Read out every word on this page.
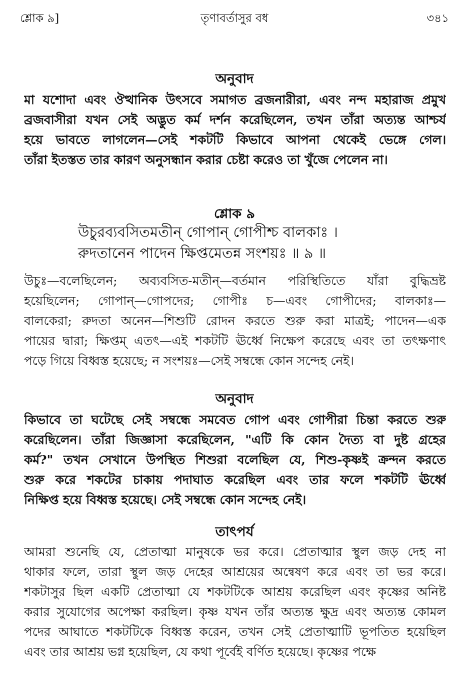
শ্লোক ৯]	তৃণাবর্তাসুর বধ	৩৪১
অনুবাদ
মা যশোদা এবং ঔত্থানিক উৎসবে সমাগত ব্রজনারীরা, এবং নন্দ মহারাজ প্রমুখ
ব্রজবাসীরা যখন সেই অদ্ভুত কর্ম দর্শন করেছিলেন, তখন তাঁরা অত্যন্ত আশ্চর্য
হয়ে ভাবতে লাগলেন—সেই শকটটি কিভাবে আপনা থেকেই ভেঙ্গে গেল।
তাঁরা ইতস্তত তার কারণ অনুসন্ধান করার চেষ্টা করেও তা খুঁজে পেলেন না।
শ্লোক ৯
উচুরব্যবসিতমতীন্ গোপান্ গোপীশ্চ বালকাঃ ।
রুদতানেন পাদেন ক্ষিপ্তমেতন্ন সংশয়ঃ ॥ ৯ ॥
উচুঃ—বলেছিলেন; অব্যবসিত-মতীন্—বর্তমান পরিস্থিতিতে যাঁরা বুদ্ধিভ্রষ্ট
হয়েছিলেন; গোপান্—গোপদের; গোপীঃ চ—এবং গোপীদের; বালকাঃ—
বালকেরা; রুদতা অনেন—শিশুটি রোদন করতে শুরু করা মাত্রই; পাদেন—এক
পায়ের দ্বারা; ক্ষিপ্তম্ এতৎ—এই শকটটি ঊর্ধ্বে নিক্ষেপ করেছে এবং তা তৎক্ষণাৎ
পড়ে গিয়ে বিধ্বস্ত হয়েছে; ন সংশয়ঃ—সেই সম্বন্ধে কোন সন্দেহ নেই।
অনুবাদ
কিভাবে তা ঘটেছে সেই সম্বন্ধে সমবেত গোপ এবং গোপীরা চিন্তা করতে শুরু
করেছিলেন। তাঁরা জিজ্ঞাসা করেছিলেন, "এটি কি কোন দৈত্য বা দুষ্ট গ্রহের
কর্ম?" তখন সেখানে উপস্থিত শিশুরা বলেছিল যে, শিশু-কৃষ্ণই ক্রন্দন করতে
শুরু করে শকটের চাকায় পদাঘাত করেছিল এবং তার ফলে শকটটি ঊর্ধ্বে
নিক্ষিপ্ত হয়ে বিধ্বস্ত হয়েছে। সেই সম্বন্ধে কোন সন্দেহ নেই।
তাৎপর্য
আমরা শুনেছি যে, প্রেতাত্মা মানুষকে ভর করে। প্রেতাত্মার স্থুল জড় দেহ না
থাকার ফলে, তারা স্থুল জড় দেহের আশ্রয়ের অন্বেষণ করে এবং তা ভর করে।
শকটাসুর ছিল একটি প্রেতাত্মা যে শকটটিকে আশ্রয় করেছিল এবং কৃষ্ণের অনিষ্ট
করার সুযোগের অপেক্ষা করছিল। কৃষ্ণ যখন তাঁর অত্যন্ত ক্ষুদ্র এবং অত্যন্ত কোমল
পদের আঘাতে শকটটিকে বিধ্বস্ত করেন, তখন সেই প্রেতাত্মাটি ভূপতিত হয়েছিল
এবং তার আশ্রয় ভগ্ন হয়েছিল, যে কথা পূর্বেই বর্ণিত হয়েছে। কৃষ্ণের পক্ষে
